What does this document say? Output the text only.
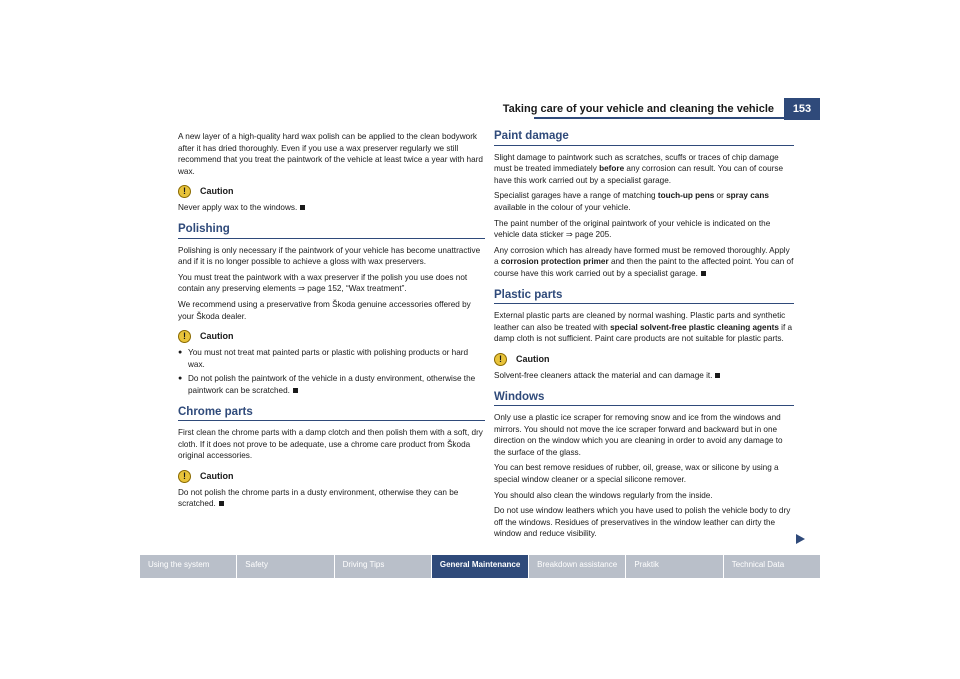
Taking care of your vehicle and cleaning the vehicle	153

A new layer of a high-quality hard wax polish can be applied to the clean bodywork after it has dried thoroughly. Even if you use a wax preserver regularly we still recommend that you treat the paintwork of the vehicle at least twice a year with hard wax.

!	Caution

Never apply wax to the windows.

Polishing

Polishing is only necessary if the paintwork of your vehicle has become unattractive and if it is no longer possible to achieve a gloss with wax preservers.

You must treat the paintwork with a wax preserver if the polish you use does not contain any preserving elements ⇒ page 152, “Wax treatment”.

We recommend using a preservative from Škoda genuine accessories offered by your Škoda dealer.

!	Caution
● You must not treat mat painted parts or plastic with polishing products or hard wax.
● Do not polish the paintwork of the vehicle in a dusty environment, otherwise the paintwork can be scratched.
Chrome parts

First clean the chrome parts with a damp clotch and then polish them with a soft, dry cloth. If it does not prove to be adequate, use a chrome care product from Škoda original accessories.

!	Caution

Do not polish the chrome parts in a dusty environment, otherwise they can be scratched.

Paint damage

Slight damage to paintwork such as scratches, scuffs or traces of chip damage must be treated immediately before any corrosion can result. You can of course have this work carried out by a specialist garage.

Specialist garages have a range of matching touch-up pens or spray cans available in the colour of your vehicle.

The paint number of the original paintwork of your vehicle is indicated on the vehicle data sticker ⇒ page 205.

Any corrosion which has already have formed must be removed thoroughly. Apply a corrosion protection primer and then the paint to the affected point. You can of course have this work carried out by a specialist garage.

Plastic parts

External plastic parts are cleaned by normal washing. Plastic parts and synthetic leather can also be treated with special solvent-free plastic cleaning agents if a damp cloth is not sufficient. Paint care products are not suitable for plastic parts.

!	Caution

Solvent-free cleaners attack the material and can damage it.

Windows

Only use a plastic ice scraper for removing snow and ice from the windows and mirrors. You should not move the ice scraper forward and backward but in one direction on the window which you are cleaning in order to avoid any damage to the surface of the glass.

You can best remove residues of rubber, oil, grease, wax or silicone by using a special window cleaner or a special silicone remover.

You should also clean the windows regularly from the inside.

Do not use window leathers which you have used to polish the vehicle body to dry off the windows. Residues of preservatives in the window leather can dirty the window and reduce visibility.

Using the system	Safety	Driving Tips	General Maintenance	Breakdown assistance	Praktik	Technical Data
